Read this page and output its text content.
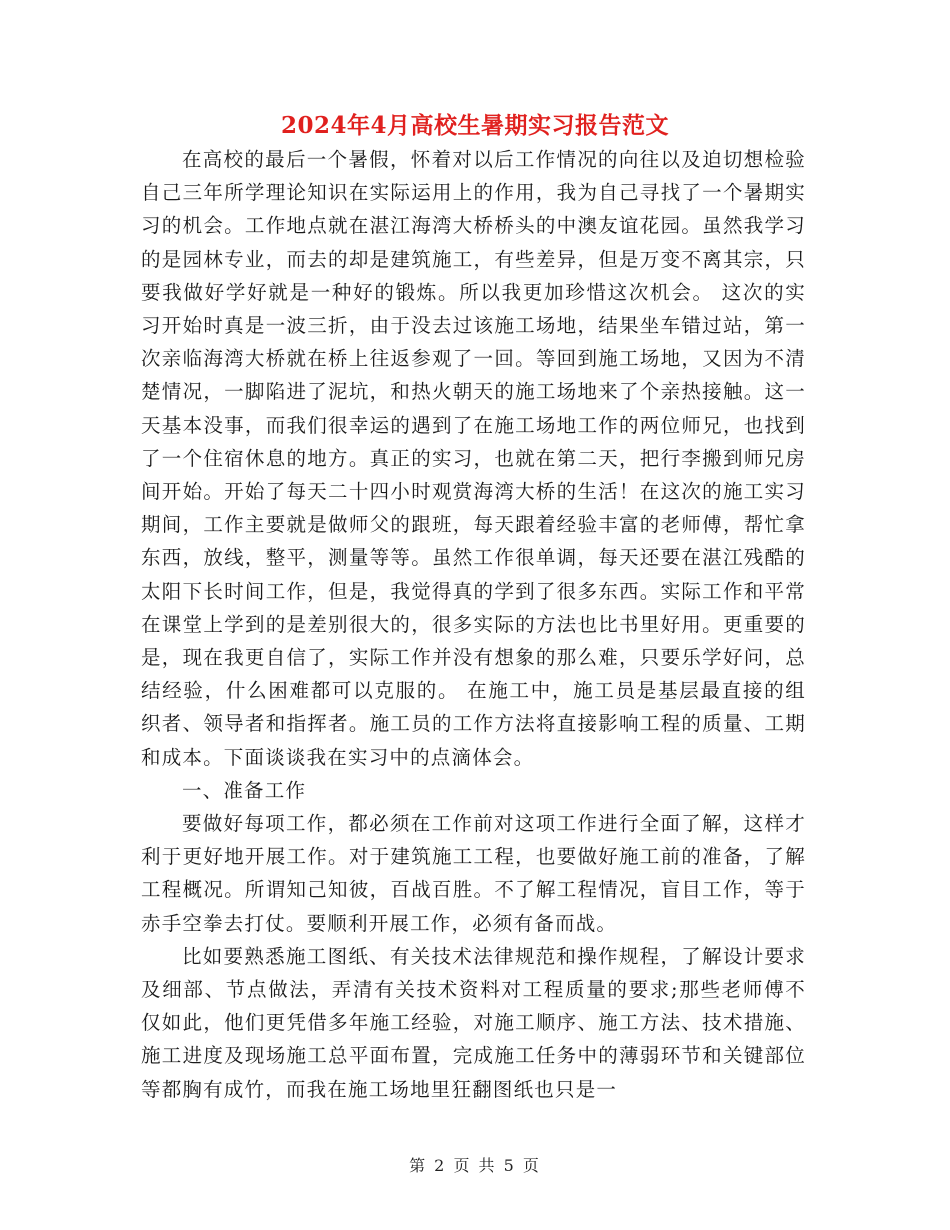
2024年4月高校生暑期实习报告范文

在高校的最后一个暑假，怀着对以后工作情况的向往以及迫切想检验自己三年所学理论知识在实际运用上的作用，我为自己寻找了一个暑期实习的机会。工作地点就在湛江海湾大桥桥头的中澳友谊花园。虽然我学习的是园林专业，而去的却是建筑施工，有些差异，但是万变不离其宗，只要我做好学好就是一种好的锻炼。所以我更加珍惜这次机会。 这次的实习开始时真是一波三折，由于没去过该施工场地，结果坐车错过站，第一次亲临海湾大桥就在桥上往返参观了一回。等回到施工场地，又因为不清楚情况，一脚陷进了泥坑，和热火朝天的施工场地来了个亲热接触。这一天基本没事，而我们很幸运的遇到了在施工场地工作的两位师兄，也找到了一个住宿休息的地方。真正的实习，也就在第二天，把行李搬到师兄房间开始。开始了每天二十四小时观赏海湾大桥的生活！在这次的施工实习期间，工作主要就是做师父的跟班，每天跟着经验丰富的老师傅，帮忙拿东西，放线，整平，测量等等。虽然工作很单调，每天还要在湛江残酷的太阳下长时间工作，但是，我觉得真的学到了很多东西。实际工作和平常在课堂上学到的是差别很大的，很多实际的方法也比书里好用。更重要的是，现在我更自信了，实际工作并没有想象的那么难，只要乐学好问，总结经验，什么困难都可以克服的。 在施工中，施工员是基层最直接的组织者、领导者和指挥者。施工员的工作方法将直接影响工程的质量、工期和成本。下面谈谈我在实习中的点滴体会。

一、准备工作

要做好每项工作，都必须在工作前对这项工作进行全面了解，这样才利于更好地开展工作。对于建筑施工工程，也要做好施工前的准备，了解工程概况。所谓知己知彼，百战百胜。不了解工程情况，盲目工作，等于赤手空拳去打仗。要顺利开展工作，必须有备而战。

比如要熟悉施工图纸、有关技术法律规范和操作规程，了解设计要求及细部、节点做法，弄清有关技术资料对工程质量的要求;那些老师傅不仅如此，他们更凭借多年施工经验，对施工顺序、施工方法、技术措施、施工进度及现场施工总平面布置，完成施工任务中的薄弱环节和关键部位等都胸有成竹，而我在施工场地里狂翻图纸也只是一

第 2 页 共 5 页
